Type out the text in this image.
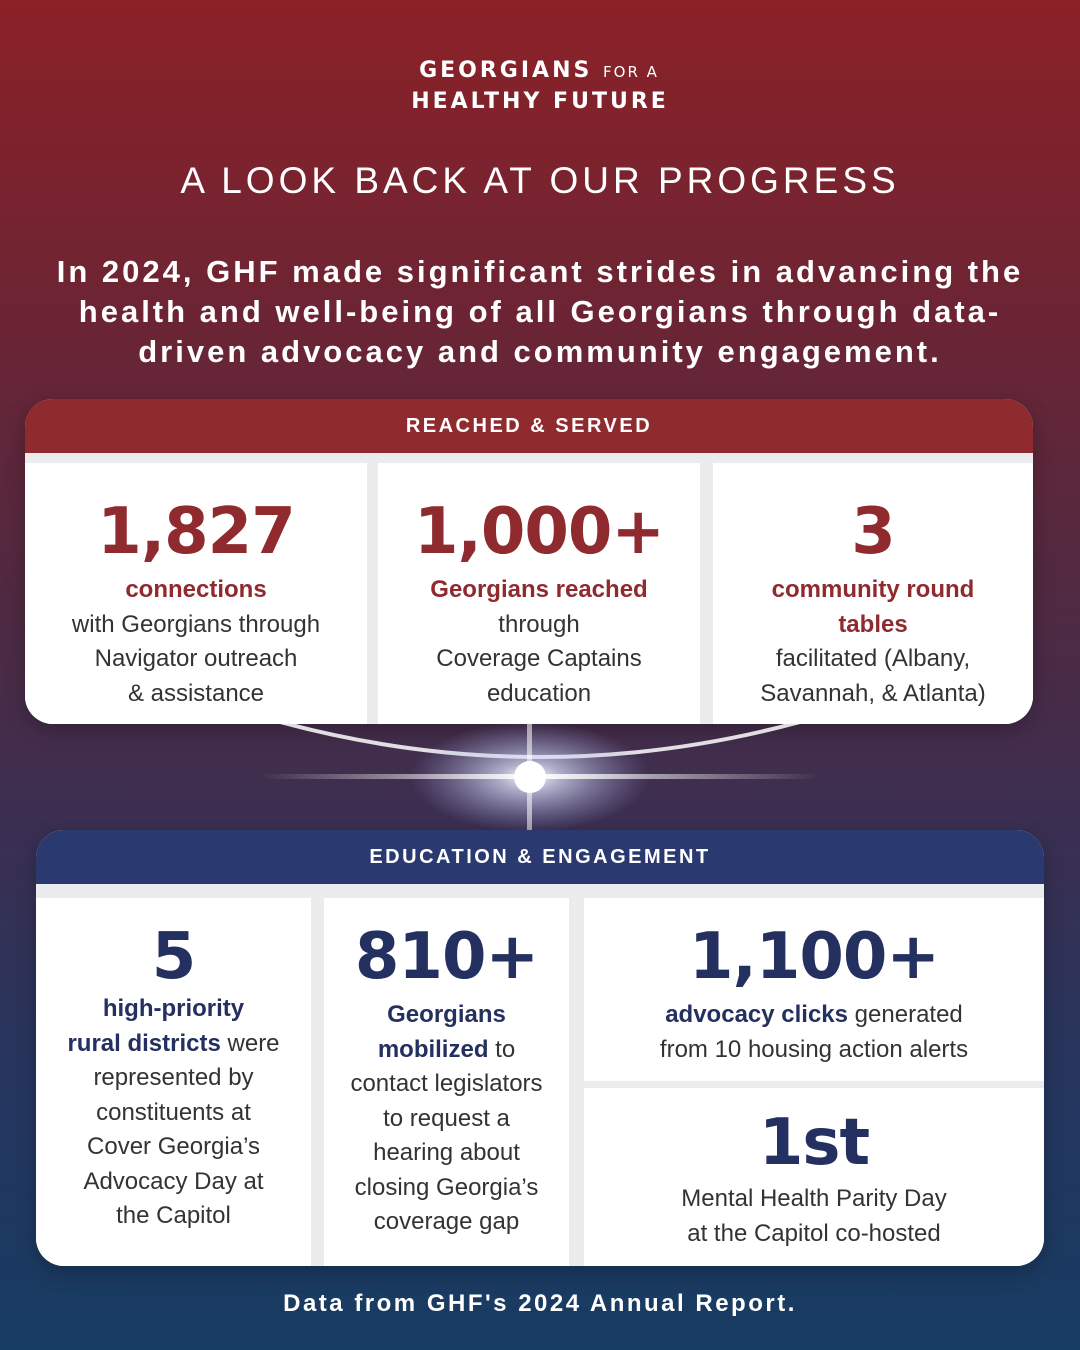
GEORGIANS FOR A
HEALTHY FUTURE
A LOOK BACK AT OUR PROGRESS
In 2024, GHF made significant strides in advancing the health and well-being of all Georgians through data-driven advocacy and community engagement.
REACHED & SERVED
1,827
connections
with Georgians through
Navigator outreach
& assistance
1,000+
Georgians reached
through
Coverage Captains
education
3
community round
tables
facilitated (Albany,
Savannah, & Atlanta)
EDUCATION & ENGAGEMENT
5
high-priority
rural districts were
represented by
constituents at
Cover Georgia’s
Advocacy Day at
the Capitol
810+
Georgians
mobilized to
contact legislators
to request a
hearing about
closing Georgia’s
coverage gap
1,100+
advocacy clicks generated
from 10 housing action alerts
1st
Mental Health Parity Day
at the Capitol co-hosted
Data from GHF's 2024 Annual Report.
